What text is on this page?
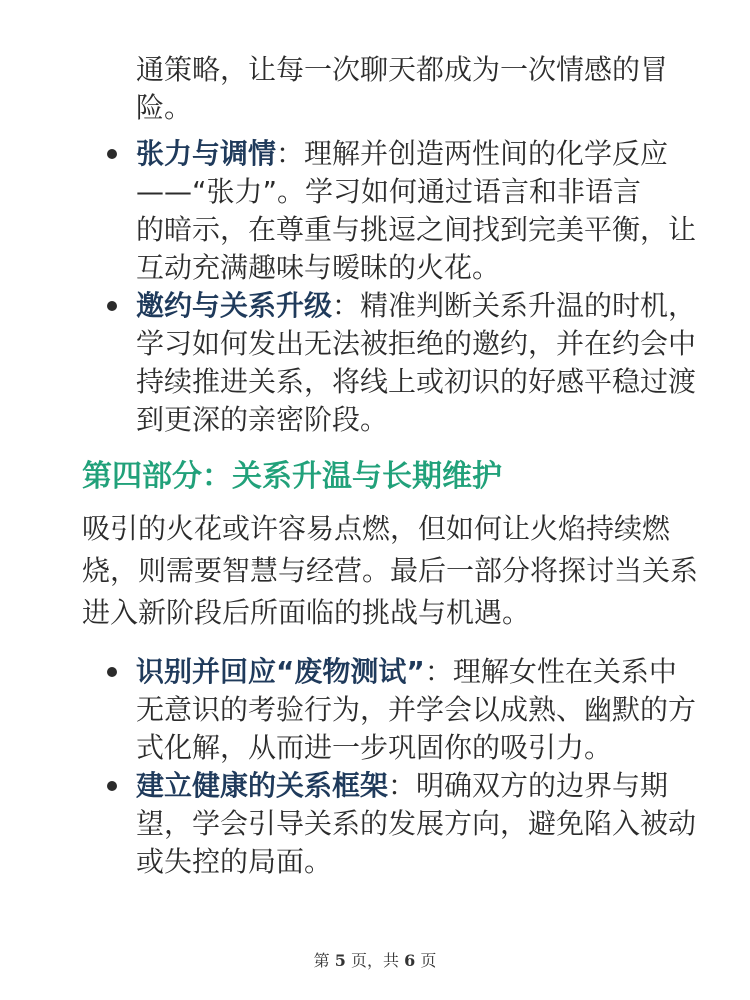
通策略，让每一次聊天都成为一次情感的冒
险。
张力与调情：理解并创造两性间的化学反应
——“张力”。学习如何通过语言和非语言
的暗示，在尊重与挑逗之间找到完美平衡，让
互动充满趣味与暧昧的火花。
邀约与关系升级：精准判断关系升温的时机，
学习如何发出无法被拒绝的邀约，并在约会中
持续推进关系，将线上或初识的好感平稳过渡
到更深的亲密阶段。
第四部分：关系升温与长期维护
吸引的火花或许容易点燃，但如何让火焰持续燃
烧，则需要智慧与经营。最后一部分将探讨当关系
进入新阶段后所面临的挑战与机遇。
识别并回应“废物测试”：理解女性在关系中
无意识的考验行为，并学会以成熟、幽默的方
式化解，从而进一步巩固你的吸引力。
建立健康的关系框架：明确双方的边界与期
望，学会引导关系的发展方向，避免陷入被动
或失控的局面。
第 5 页，共 6 页
